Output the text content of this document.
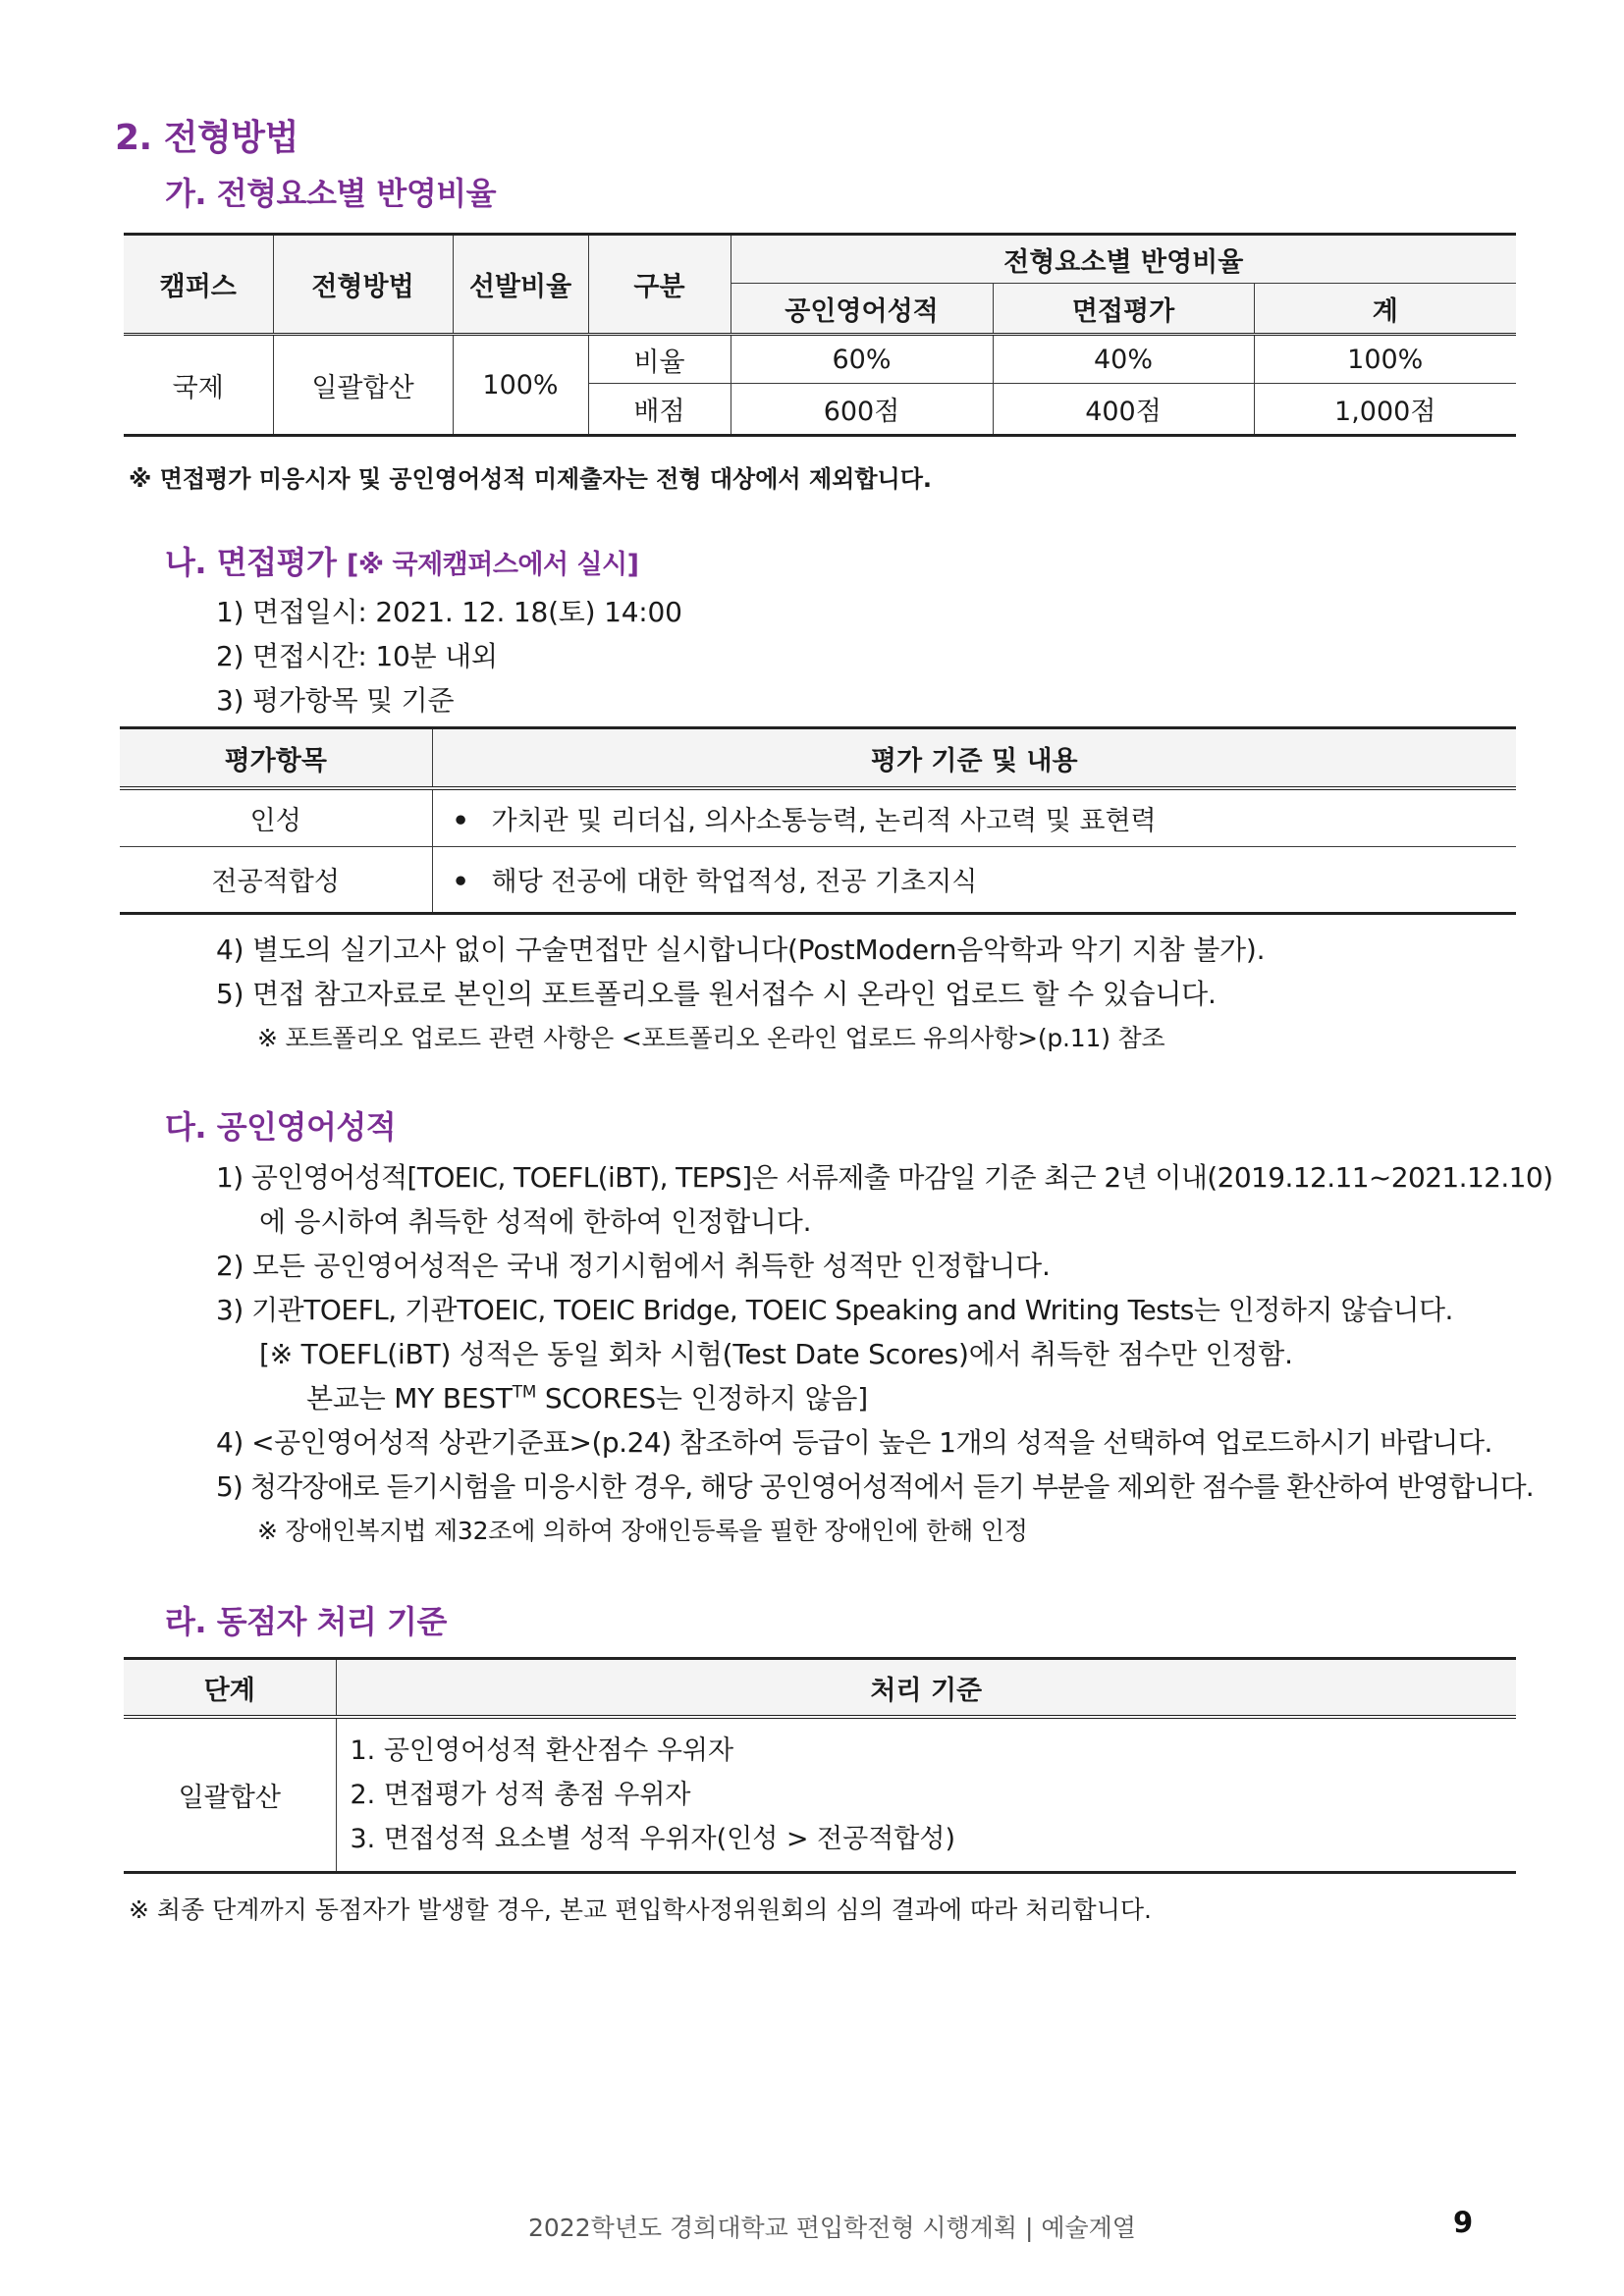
2. 전형방법
가. 전형요소별 반영비율
캠퍼스	전형방법	선발비율	구분	전형요소별 반영비율		
				공인영어성적	면접평가	계
국제	일괄합산	100%	비율	60%	40%	100%
			배점	600점	400점	1,000점
※ 면접평가 미응시자 및 공인영어성적 미제출자는 전형 대상에서 제외합니다.
나. 면접평가 [※ 국제캠퍼스에서 실시]
1) 면접일시: 2021. 12. 18(토) 14:00
2) 면접시간: 10분 내외
3) 평가항목 및 기준
평가항목	평가 기준 및 내용
인성	• 가치관 및 리더십, 의사소통능력, 논리적 사고력 및 표현력
전공적합성	• 해당 전공에 대한 학업적성, 전공 기초지식
4) 별도의 실기고사 없이 구술면접만 실시합니다(PostModern음악학과 악기 지참 불가).
5) 면접 참고자료로 본인의 포트폴리오를 원서접수 시 온라인 업로드 할 수 있습니다.
※ 포트폴리오 업로드 관련 사항은 <포트폴리오 온라인 업로드 유의사항>(p.11) 참조
다. 공인영어성적
1) 공인영어성적[TOEIC, TOEFL(iBT), TEPS]은 서류제출 마감일 기준 최근 2년 이내(2019.12.11~2021.12.10)
에 응시하여 취득한 성적에 한하여 인정합니다.
2) 모든 공인영어성적은 국내 정기시험에서 취득한 성적만 인정합니다.
3) 기관TOEFL, 기관TOEIC, TOEIC Bridge, TOEIC Speaking and Writing Tests는 인정하지 않습니다.
[※ TOEFL(iBT) 성적은 동일 회차 시험(Test Date Scores)에서 취득한 점수만 인정함.
본교는 MY BEST™ SCORES는 인정하지 않음]
4) <공인영어성적 상관기준표>(p.24) 참조하여 등급이 높은 1개의 성적을 선택하여 업로드하시기 바랍니다.
5) 청각장애로 듣기시험을 미응시한 경우, 해당 공인영어성적에서 듣기 부분을 제외한 점수를 환산하여 반영합니다.
※ 장애인복지법 제32조에 의하여 장애인등록을 필한 장애인에 한해 인정
라. 동점자 처리 기준
단계	처리 기준
일괄합산	1. 공인영어성적 환산점수 우위자
2. 면접평가 성적 총점 우위자
3. 면접성적 요소별 성적 우위자(인성 > 전공적합성)
※ 최종 단계까지 동점자가 발생할 경우, 본교 편입학사정위원회의 심의 결과에 따라 처리합니다.
2022학년도 경희대학교 편입학전형 시행계획 | 예술계열	9
